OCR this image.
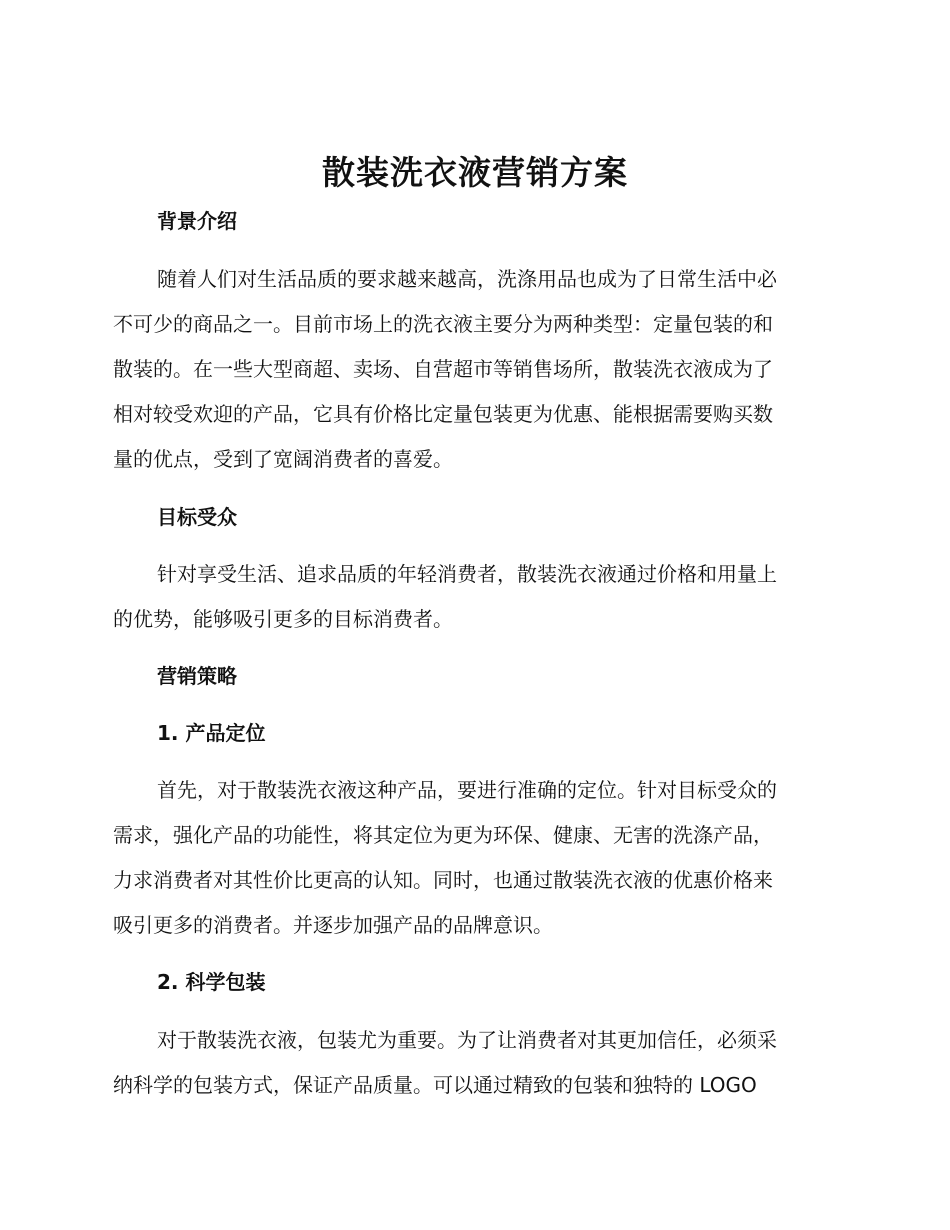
散装洗衣液营销方案
背景介绍
随着人们对生活品质的要求越来越高，洗涤用品也成为了日常生活中必
不可少的商品之一。目前市场上的洗衣液主要分为两种类型：定量包装的和
散装的。在一些大型商超、卖场、自营超市等销售场所，散装洗衣液成为了
相对较受欢迎的产品，它具有价格比定量包装更为优惠、能根据需要购买数
量的优点，受到了宽阔消费者的喜爱。
目标受众
针对享受生活、追求品质的年轻消费者，散装洗衣液通过价格和用量上
的优势，能够吸引更多的目标消费者。
营销策略
1. 产品定位
首先，对于散装洗衣液这种产品，要进行准确的定位。针对目标受众的
需求，强化产品的功能性，将其定位为更为环保、健康、无害的洗涤产品，
力求消费者对其性价比更高的认知。同时，也通过散装洗衣液的优惠价格来
吸引更多的消费者。并逐步加强产品的品牌意识。
2. 科学包装
对于散装洗衣液，包装尤为重要。为了让消费者对其更加信任，必须采
纳科学的包装方式，保证产品质量。可以通过精致的包装和独特的 LOGO
